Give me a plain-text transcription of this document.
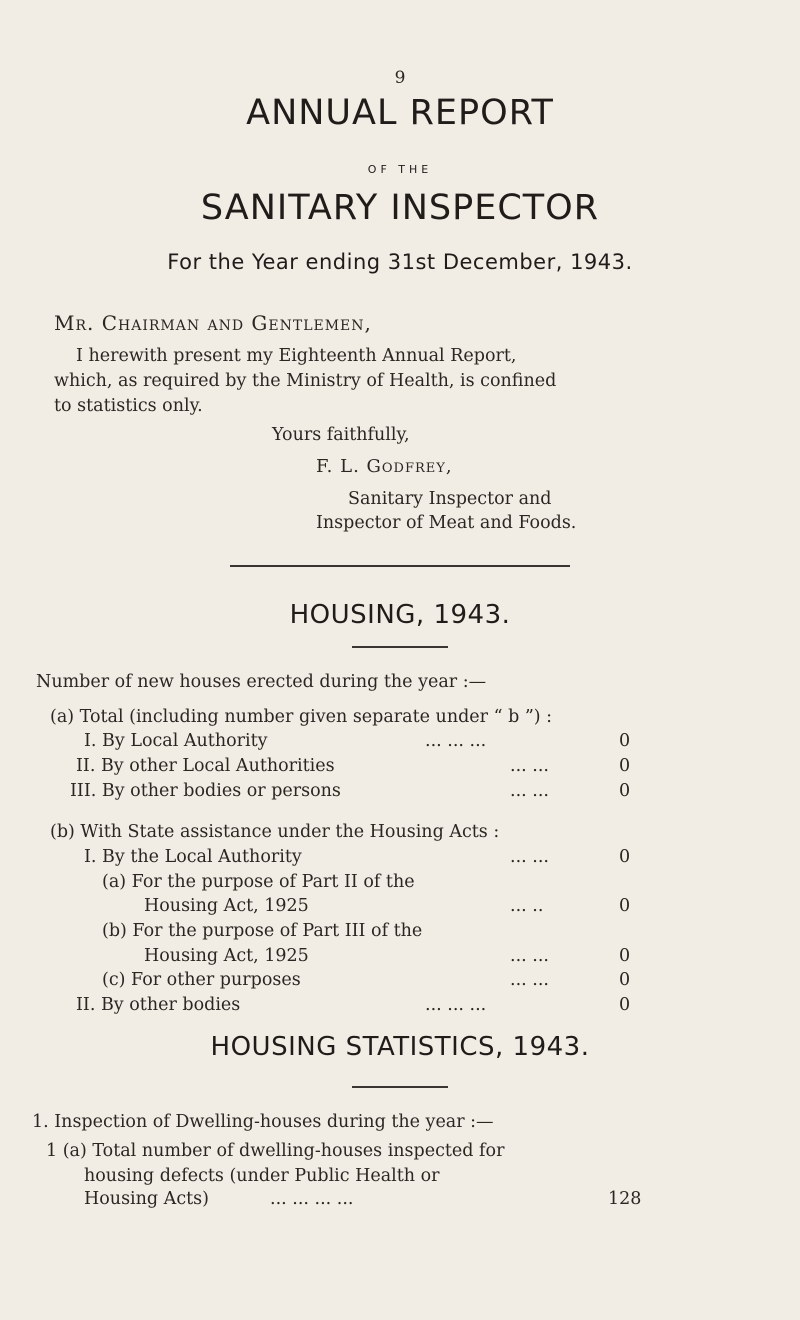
9
ANNUAL REPORT
OF THE
SANITARY INSPECTOR
For the Year ending 31st December, 1943.
Mr. Chairman and Gentlemen,
I herewith present my Eighteenth Annual Report,
which, as required by the Ministry of Health, is confined
to statistics only.
Yours faithfully,
F. L. Godfrey,
Sanitary Inspector and
Inspector of Meat and Foods.
HOUSING, 1943.
Number of new houses erected during the year :—
(a) Total (including number given separate under “ b ”) :
I. By Local Authority	... ... ...	0
II. By other Local Authorities	... ...	0
III. By other bodies or persons	... ...	0
(b) With State assistance under the Housing Acts :
I. By the Local Authority	... ...	0
(a) For the purpose of Part II of the
Housing Act, 1925	... ..	0
(b) For the purpose of Part III of the
Housing Act, 1925	... ...	0
(c) For other purposes	... ...	0
II. By other bodies	... ... ...	0
HOUSING STATISTICS, 1943.
1. Inspection of Dwelling-houses during the year :—
1 (a) Total number of dwelling-houses inspected for
housing defects (under Public Health or
Housing Acts)	... ... ... ...	128
